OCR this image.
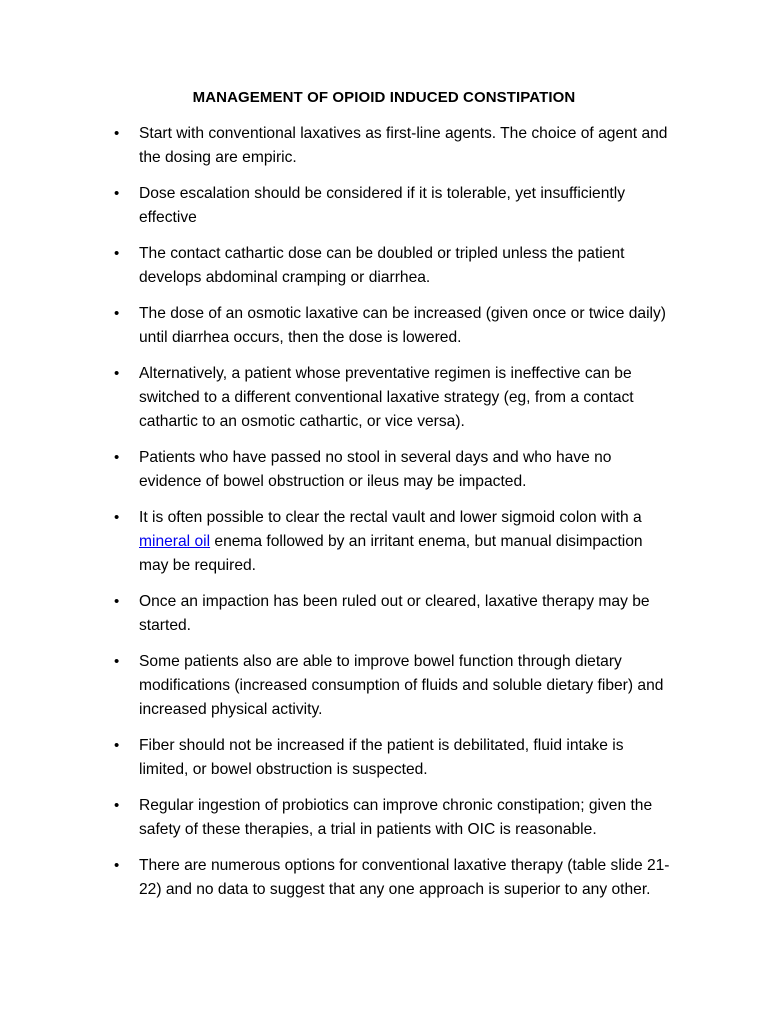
MANAGEMENT OF OPIOID INDUCED CONSTIPATION
•	Start with conventional laxatives as first-line agents. The choice of agent and the dosing are empiric.
•	Dose escalation should be considered if it is tolerable, yet insufficiently effective
•	The contact cathartic dose can be doubled or tripled unless the patient develops abdominal cramping or diarrhea.
•	The dose of an osmotic laxative can be increased (given once or twice daily) until diarrhea occurs, then the dose is lowered.
•	Alternatively, a patient whose preventative regimen is ineffective can be switched to a different conventional laxative strategy (eg, from a contact cathartic to an osmotic cathartic, or vice versa).
•	Patients who have passed no stool in several days and who have no evidence of bowel obstruction or ileus may be impacted.
•	It is often possible to clear the rectal vault and lower sigmoid colon with a mineral oil enema followed by an irritant enema, but manual disimpaction may be required.
•	Once an impaction has been ruled out or cleared, laxative therapy may be started.
•	Some patients also are able to improve bowel function through dietary modifications (increased consumption of fluids and soluble dietary fiber) and increased physical activity.
•	Fiber should not be increased if the patient is debilitated, fluid intake is limited, or bowel obstruction is suspected.
•	Regular ingestion of probiotics can improve chronic constipation; given the safety of these therapies, a trial in patients with OIC is reasonable.
•	There are numerous options for conventional laxative therapy (table slide 21-22) and no data to suggest that any one approach is superior to any other.
